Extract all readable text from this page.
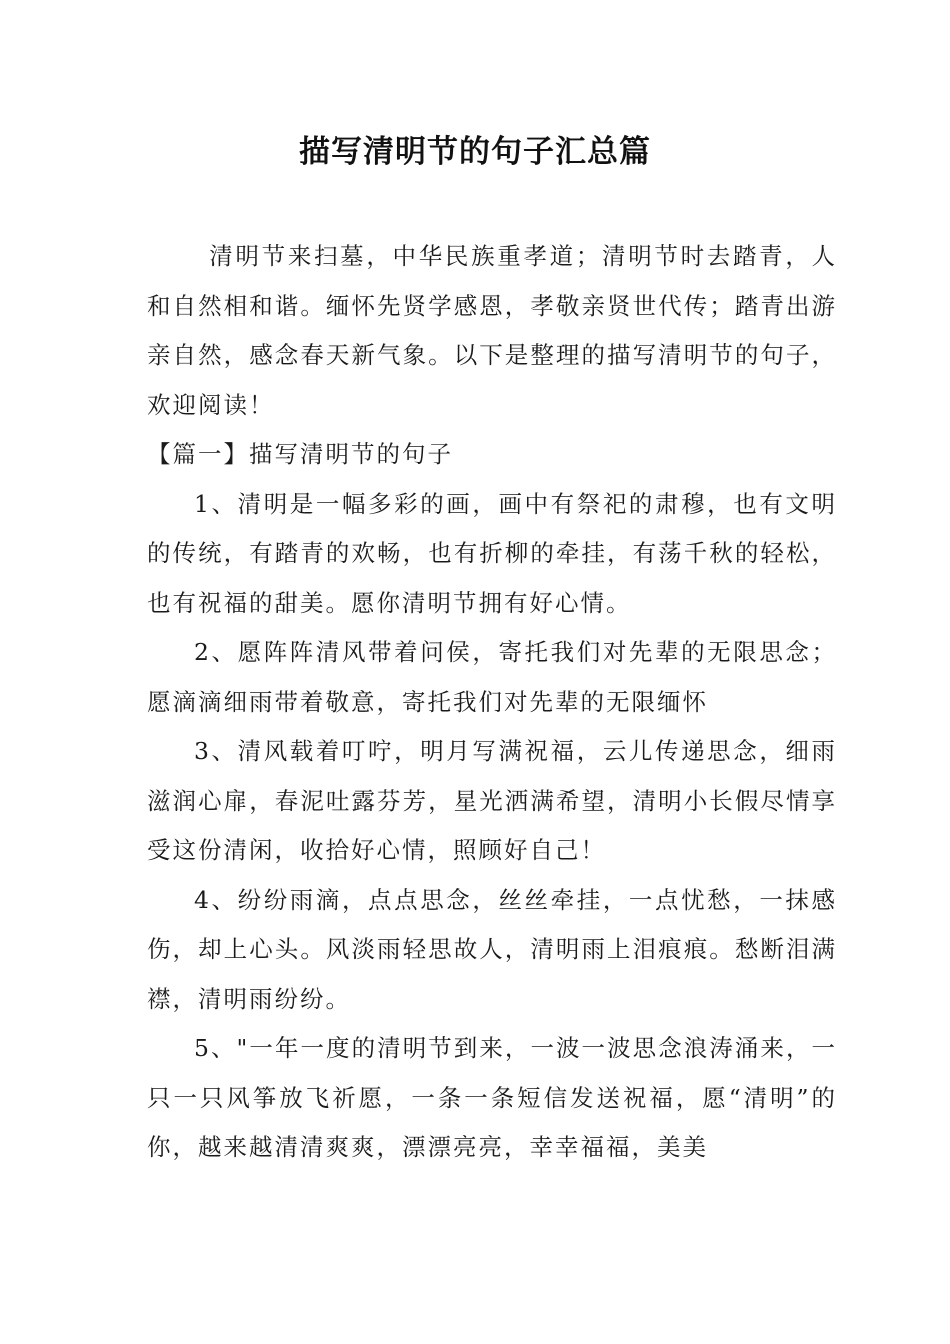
描写清明节的句子汇总篇

清明节来扫墓，中华民族重孝道；清明节时去踏青，人和自然相和谐。缅怀先贤学感恩，孝敬亲贤世代传；踏青出游亲自然，感念春天新气象。以下是整理的描写清明节的句子，欢迎阅读！

【篇一】描写清明节的句子

1、清明是一幅多彩的画，画中有祭祀的肃穆，也有文明的传统，有踏青的欢畅，也有折柳的牵挂，有荡千秋的轻松，也有祝福的甜美。愿你清明节拥有好心情。

2、愿阵阵清风带着问侯，寄托我们对先辈的无限思念；愿滴滴细雨带着敬意，寄托我们对先辈的无限缅怀

3、清风载着叮咛，明月写满祝福，云儿传递思念，细雨滋润心扉，春泥吐露芬芳，星光洒满希望，清明小长假尽情享受这份清闲，收拾好心情，照顾好自己！

4、纷纷雨滴，点点思念，丝丝牵挂，一点忧愁，一抹感伤，却上心头。风淡雨轻思故人，清明雨上泪痕痕。愁断泪满襟，清明雨纷纷。

5、"一年一度的清明节到来，一波一波思念浪涛涌来，一只一只风筝放飞祈愿，一条一条短信发送祝福，愿“清明”的你，越来越清清爽爽，漂漂亮亮，幸幸福福，美美
